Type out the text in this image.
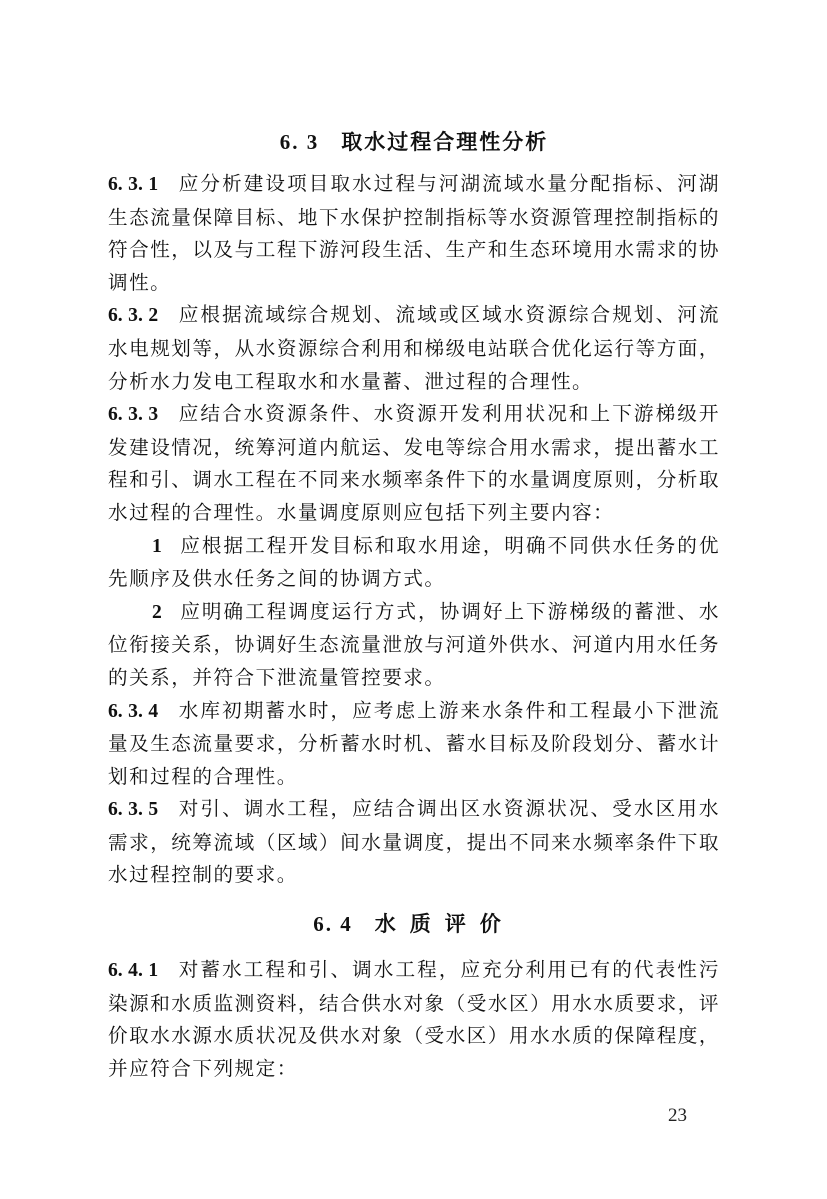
6. 3 取水过程合理性分析

6. 3. 1 应分析建设项目取水过程与河湖流域水量分配指标、河湖生态流量保障目标、地下水保护控制指标等水资源管理控制指标的符合性，以及与工程下游河段生活、生产和生态环境用水需求的协调性。

6. 3. 2 应根据流域综合规划、流域或区域水资源综合规划、河流水电规划等，从水资源综合利用和梯级电站联合优化运行等方面，分析水力发电工程取水和水量蓄、泄过程的合理性。

6. 3. 3 应结合水资源条件、水资源开发利用状况和上下游梯级开发建设情况，统筹河道内航运、发电等综合用水需求，提出蓄水工程和引、调水工程在不同来水频率条件下的水量调度原则，分析取水过程的合理性。水量调度原则应包括下列主要内容：

1 应根据工程开发目标和取水用途，明确不同供水任务的优先顺序及供水任务之间的协调方式。

2 应明确工程调度运行方式，协调好上下游梯级的蓄泄、水位衔接关系，协调好生态流量泄放与河道外供水、河道内用水任务的关系，并符合下泄流量管控要求。

6. 3. 4 水库初期蓄水时，应考虑上游来水条件和工程最小下泄流量及生态流量要求，分析蓄水时机、蓄水目标及阶段划分、蓄水计划和过程的合理性。

6. 3. 5 对引、调水工程，应结合调出区水资源状况、受水区用水需求，统筹流域（区域）间水量调度，提出不同来水频率条件下取水过程控制的要求。

6. 4 水质评价

6. 4. 1 对蓄水工程和引、调水工程，应充分利用已有的代表性污染源和水质监测资料，结合供水对象（受水区）用水水质要求，评价取水水源水质状况及供水对象（受水区）用水水质的保障程度，并应符合下列规定：

23
